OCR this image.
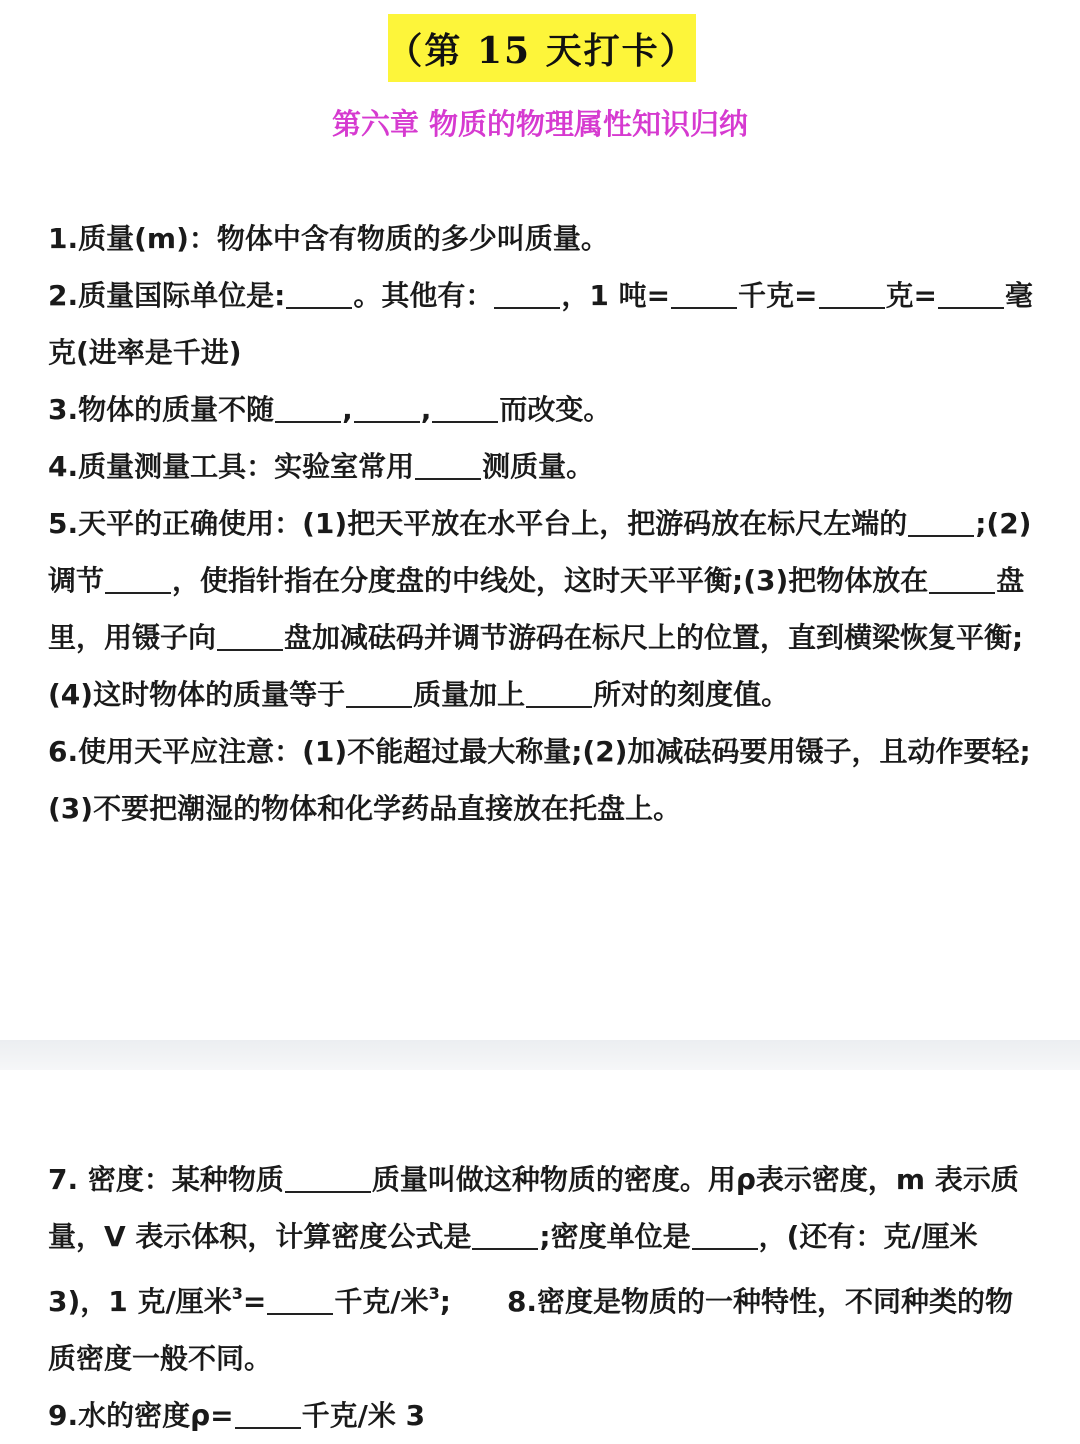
（第 15 天打卡）
第六章 物质的物理属性知识归纳

1.质量(m)：物体中含有物质的多少叫质量。

2.质量国际单位是: 。其他有： ，1 吨= 千克= 克= 毫克(进率是千进)

3.物体的质量不随 , , 而改变。

4.质量测量工具：实验室常用 测质量。

5.天平的正确使用：(1)把天平放在水平台上，把游码放在标尺左端的 ;(2)调节 ，使指针指在分度盘的中线处，这时天平平衡;(3)把物体放在 盘里，用镊子向 盘加减砝码并调节游码在标尺上的位置，直到横梁恢复平衡;(4)这时物体的质量等于 质量加上 所对的刻度值。

6.使用天平应注意：(1)不能超过最大称量;(2)加减砝码要用镊子，且动作要轻;(3)不要把潮湿的物体和化学药品直接放在托盘上。

7. 密度：某种物质	质量叫做这种物质的密度。用ρ表示密度，m 表示质量，V 表示体积，计算密度公式是 ;密度单位是 ，(还有：克/厘米 3)，1 克/厘米$^3$= 千克/米$^3$; 8.密度是物质的一种特性，不同种类的物质密度一般不同。

9.水的密度ρ= 千克/米 3
